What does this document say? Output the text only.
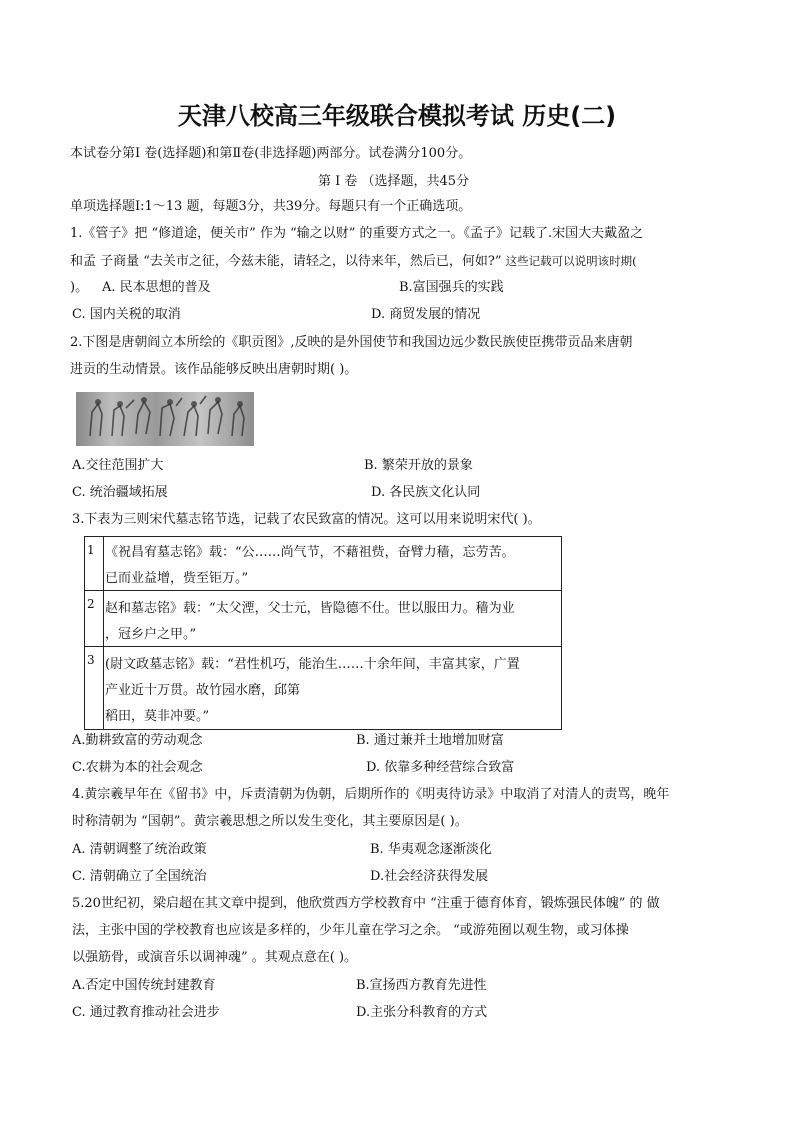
天津八校高三年级联合模拟考试 历史(二)
本试卷分第Ⅰ 卷(选择题)和第Ⅱ卷(非选择题)两部分。试卷满分100分。
第 Ⅰ 卷 （选择题，共45分
单项选择题Ⅰ:1～13 题，每题3分，共39分。每题只有一个正确选项。
1.《管子》把 “修道途，便关市” 作为 “输之以财” 的重要方式之一。《孟子》记载了.宋国大夫戴盈之
和孟 子商量 “去关市之征，今兹未能，请轻之，以待来年，然后已，何如?” 这些记载可以说明该时期(
)。 A. 民本思想的普及	B.富国强兵的实践
C. 国内关税的取消	D. 商贸发展的情况
2.下图是唐朝阎立本所绘的《职贡图》,反映的是外国使节和我国边远少数民族使臣携带贡品来唐朝
进贡的生动情景。该作品能够反映出唐朝时期( )。
A.交往范围扩大	B. 繁荣开放的景象
C. 统治疆域拓展	D. 各民族文化认同
3.下表为三则宋代墓志铭节选，记载了农民致富的情况。这可以用来说明宋代( )。
1 《祝昌宥墓志铭》载：“公……尚气节，不藉祖赀，奋臂力穑，忘劳苦。
已而业益增，赀至钜万。”
2 赵和墓志铭》载：“太父湮，父士元，皆隐德不仕。世以服田力。穑为业
，冠乡户之甲。”
3 (尉文政墓志铭》载：“君性机巧，能治生……十余年间，丰富其家，广置
产业近十万贯。故竹园水磨，邱第
稻田，莫非冲要。”
A.勤耕致富的劳动观念	B. 通过兼并土地增加财富
C.农耕为本的社会观念	D. 依靠多种经营综合致富
4.黄宗羲早年在《留书》中，斥责清朝为伪朝，后期所作的《明夷待访录》中取消了对清人的责骂，晚年
时称清朝为 “国朝”。黄宗羲思想之所以发生变化，其主要原因是( )。
A. 清朝调整了统治政策	B. 华夷观念逐渐淡化
C. 清朝确立了全国统治	D.社会经济获得发展
5.20世纪初，梁启超在其文章中提到，他欣赏西方学校教育中 “注重于德育体育，锻炼强民体魄” 的 做
法，主张中国的学校教育也应该是多样的，少年儿童在学习之余。 “或游苑囿以观生物，或习体操
以强筋骨，或演音乐以调神魂” 。其观点意在( )。
A.否定中国传统封建教育	B.宣扬西方教育先进性
C. 通过教育推动社会进步	D.主张分科教育的方式
